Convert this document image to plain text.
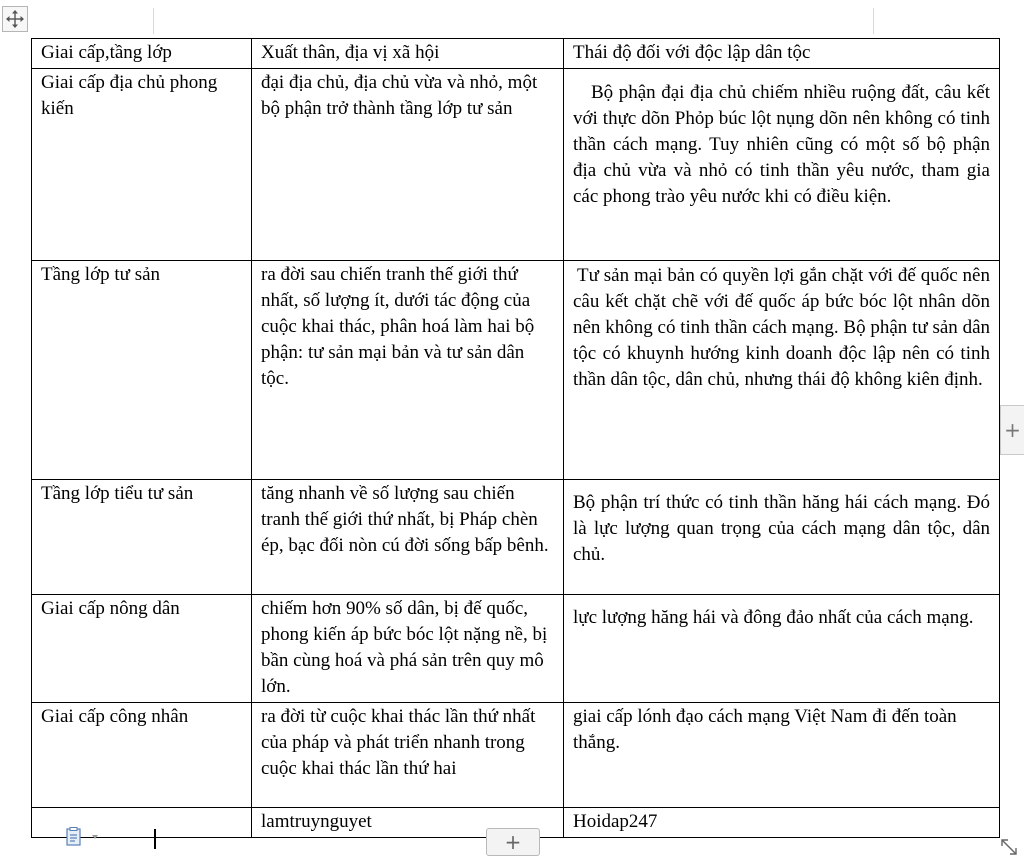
Giai cấp,tầng lớp	Xuất thân, địa vị xã hội	Thái độ đối với độc lập dân tộc
Giai cấp địa chủ phong kiến	đại địa chủ, địa chủ vừa và nhỏ, một bộ phận trở thành tầng lớp tư sản	Bộ phận đại địa chủ chiếm nhiều ruộng đất, câu kết với thực dõn Phỏp búc lột nụng dõn nên không có tinh thần cách mạng. Tuy nhiên cũng có một số bộ phận địa chủ vừa và nhỏ có tinh thần yêu nước, tham gia các phong trào yêu nước khi có điều kiện.
Tầng lớp tư sản	ra đời sau chiến tranh thế giới thứ nhất, số lượng ít, dưới tác động của cuộc khai thác, phân hoá làm hai bộ phận: tư sản mại bản và tư sản dân tộc.	Tư sản mại bản có quyền lợi gắn chặt với đế quốc nên câu kết chặt chẽ với đế quốc áp bức bóc lột nhân dõn nên không có tinh thần cách mạng. Bộ phận tư sản dân tộc có khuynh hướng kinh doanh độc lập nên có tinh thần dân tộc, dân chủ, nhưng thái độ không kiên định.
Tầng lớp tiểu tư sản	tăng nhanh về số lượng sau chiến tranh thế giới thứ nhất, bị Pháp chèn ép, bạc đối nòn cú đời sống bấp bênh.	Bộ phận trí thức có tinh thần hăng hái cách mạng. Đó là lực lượng quan trọng của cách mạng dân tộc, dân chủ.
Giai cấp nông dân	chiếm hơn 90% số dân, bị đế quốc, phong kiến áp bức bóc lột nặng nề, bị bần cùng hoá và phá sản trên quy mô lớn.	lực lượng hăng hái và đông đảo nhất của cách mạng.
Giai cấp công nhân	ra đời từ cuộc khai thác lần thứ nhất của pháp và phát triển nhanh trong cuộc khai thác lần thứ hai	giai cấp lónh đạo cách mạng Việt Nam đi đến toàn thắng.
	lamtruynguyet	Hoidap247
+
+
